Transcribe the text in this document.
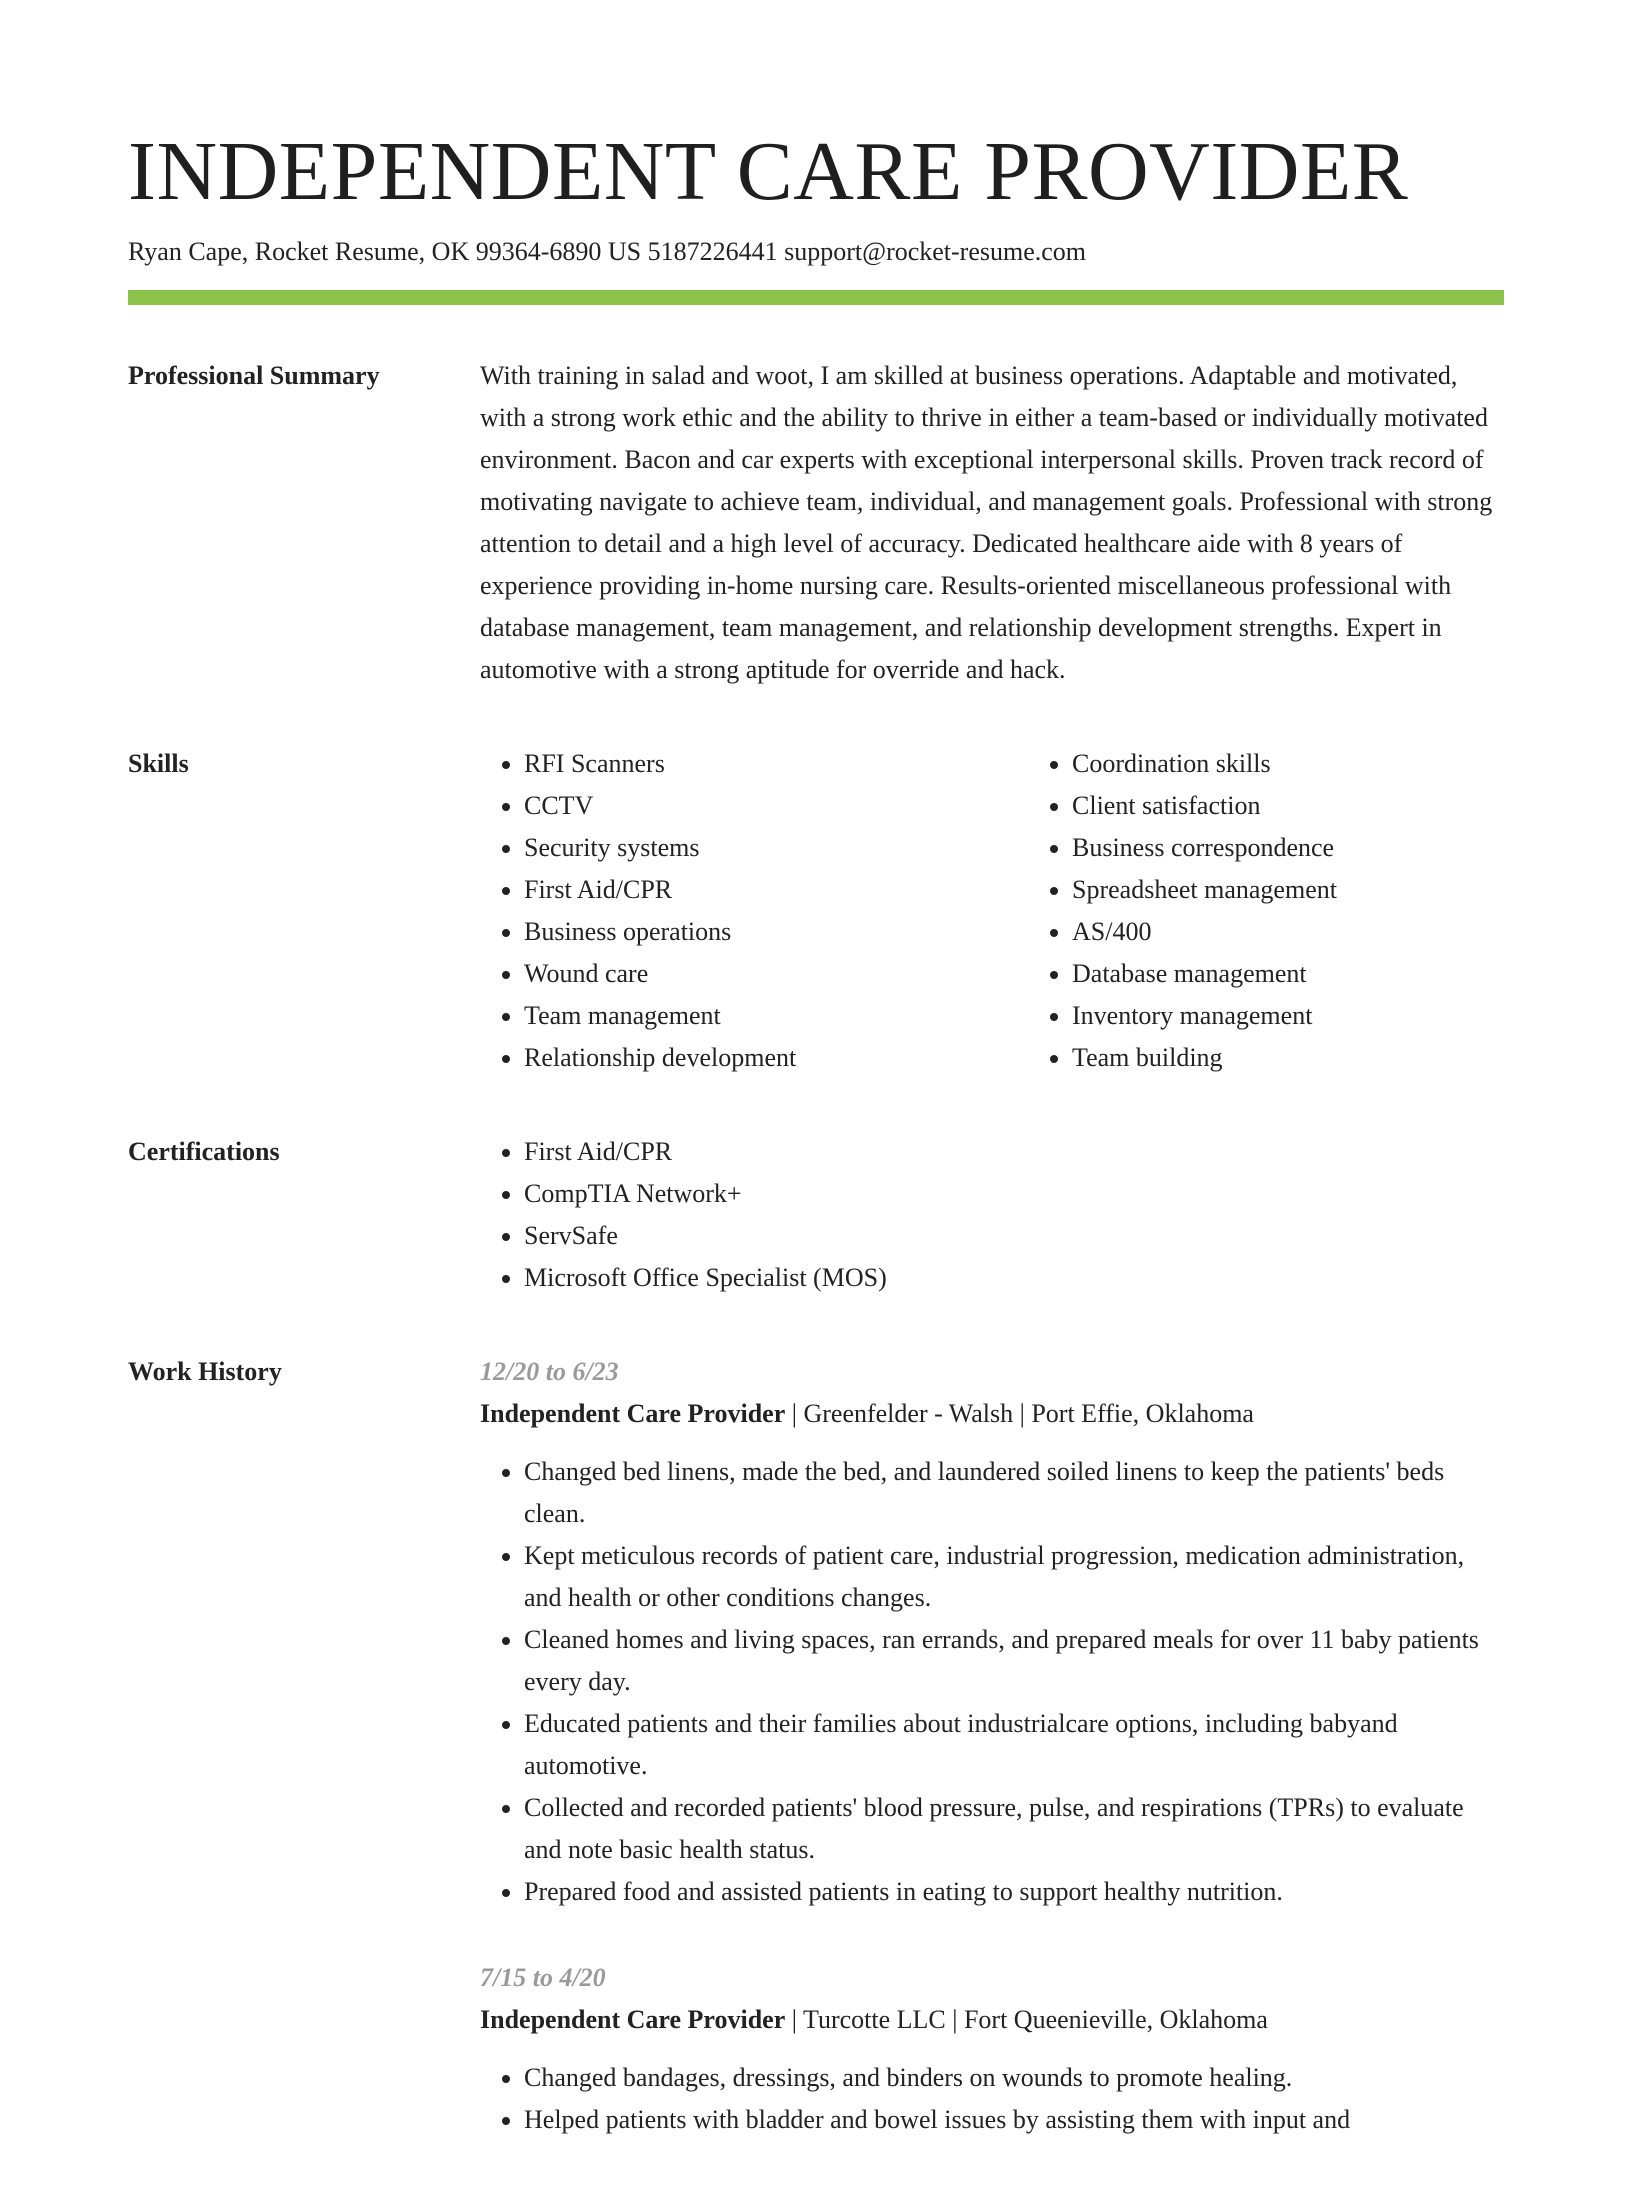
INDEPENDENT CARE PROVIDER
Ryan Cape, Rocket Resume, OK 99364-6890 US 5187226441 support@rocket-resume.com
Professional Summary	With training in salad and woot, I am skilled at business operations. Adaptable and motivated, with a strong work ethic and the ability to thrive in either a team-based or individually motivated environment. Bacon and car experts with exceptional interpersonal skills. Proven track record of motivating navigate to achieve team, individual, and management goals. Professional with strong attention to detail and a high level of accuracy. Dedicated healthcare aide with 8 years of experience providing in-home nursing care. Results-oriented miscellaneous professional with database management, team management, and relationship development strengths. Expert in automotive with a strong aptitude for override and hack.

Skills	• RFI Scanners
• CCTV
• Security systems
• First Aid/CPR
• Business operations
• Wound care
• Team management
• Relationship development
• Coordination skills
• Client satisfaction
• Business correspondence
• Spreadsheet management
• AS/400
• Database management
• Inventory management
• Team building
Certifications	• First Aid/CPR
• CompTIA Network+
• ServSafe
• Microsoft Office Specialist (MOS)
Work History	12/20 to 6/23
Independent Care Provider | Greenfelder - Walsh | Port Effie, Oklahoma
• Changed bed linens, made the bed, and laundered soiled linens to keep the patients' beds clean.
• Kept meticulous records of patient care, industrial progression, medication administration, and health or other conditions changes.
• Cleaned homes and living spaces, ran errands, and prepared meals for over 11 baby patients every day.
• Educated patients and their families about industrialcare options, including babyand automotive.
• Collected and recorded patients' blood pressure, pulse, and respirations (TPRs) to evaluate and note basic health status.
• Prepared food and assisted patients in eating to support healthy nutrition.
7/15 to 4/20
Independent Care Provider | Turcotte LLC | Fort Queenieville, Oklahoma
• Changed bandages, dressings, and binders on wounds to promote healing.
• Helped patients with bladder and bowel issues by assisting them with input and
